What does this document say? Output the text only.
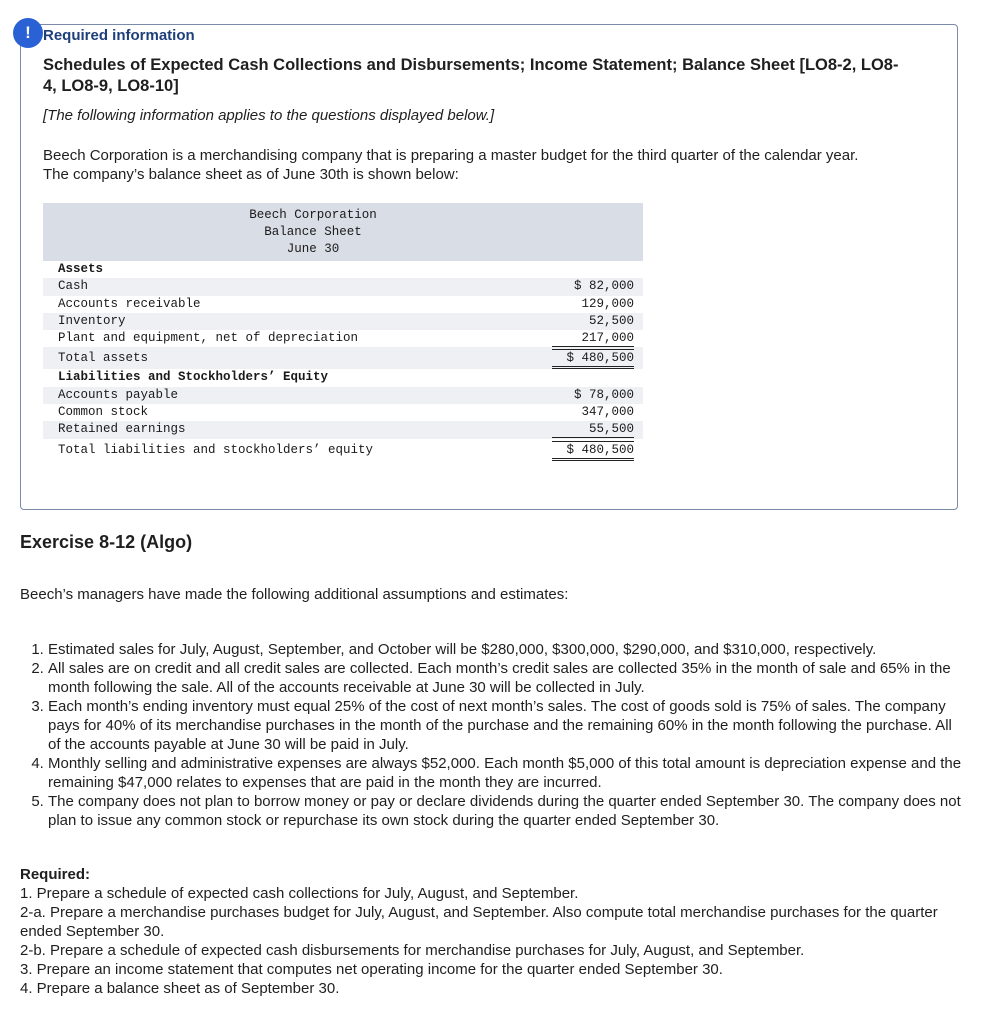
! Required information
Schedules of Expected Cash Collections and Disbursements; Income Statement; Balance Sheet [LO8-2, LO8-4, LO8-9, LO8-10]
[The following information applies to the questions displayed below.]
Beech Corporation is a merchandising company that is preparing a master budget for the third quarter of the calendar year. The company’s balance sheet as of June 30th is shown below:
Beech Corporation
Balance Sheet
June 30
Assets
Cash	$ 82,000
Accounts receivable	129,000
Inventory	52,500
Plant and equipment, net of depreciation	217,000
Total assets	$ 480,500
Liabilities and Stockholders’ Equity
Accounts payable	$ 78,000
Common stock	347,000
Retained earnings	55,500
Total liabilities and stockholders’ equity	$ 480,500
Exercise 8-12 (Algo)
Beech’s managers have made the following additional assumptions and estimates:
1. Estimated sales for July, August, September, and October will be $280,000, $300,000, $290,000, and $310,000, respectively.
2. All sales are on credit and all credit sales are collected. Each month’s credit sales are collected 35% in the month of sale and 65% in the month following the sale. All of the accounts receivable at June 30 will be collected in July.
3. Each month’s ending inventory must equal 25% of the cost of next month’s sales. The cost of goods sold is 75% of sales. The company pays for 40% of its merchandise purchases in the month of the purchase and the remaining 60% in the month following the purchase. All of the accounts payable at June 30 will be paid in July.
4. Monthly selling and administrative expenses are always $52,000. Each month $5,000 of this total amount is depreciation expense and the remaining $47,000 relates to expenses that are paid in the month they are incurred.
5. The company does not plan to borrow money or pay or declare dividends during the quarter ended September 30. The company does not plan to issue any common stock or repurchase its own stock during the quarter ended September 30.
Required:
1. Prepare a schedule of expected cash collections for July, August, and September.
2-a. Prepare a merchandise purchases budget for July, August, and September. Also compute total merchandise purchases for the quarter ended September 30.
2-b. Prepare a schedule of expected cash disbursements for merchandise purchases for July, August, and September.
3. Prepare an income statement that computes net operating income for the quarter ended September 30.
4. Prepare a balance sheet as of September 30.
